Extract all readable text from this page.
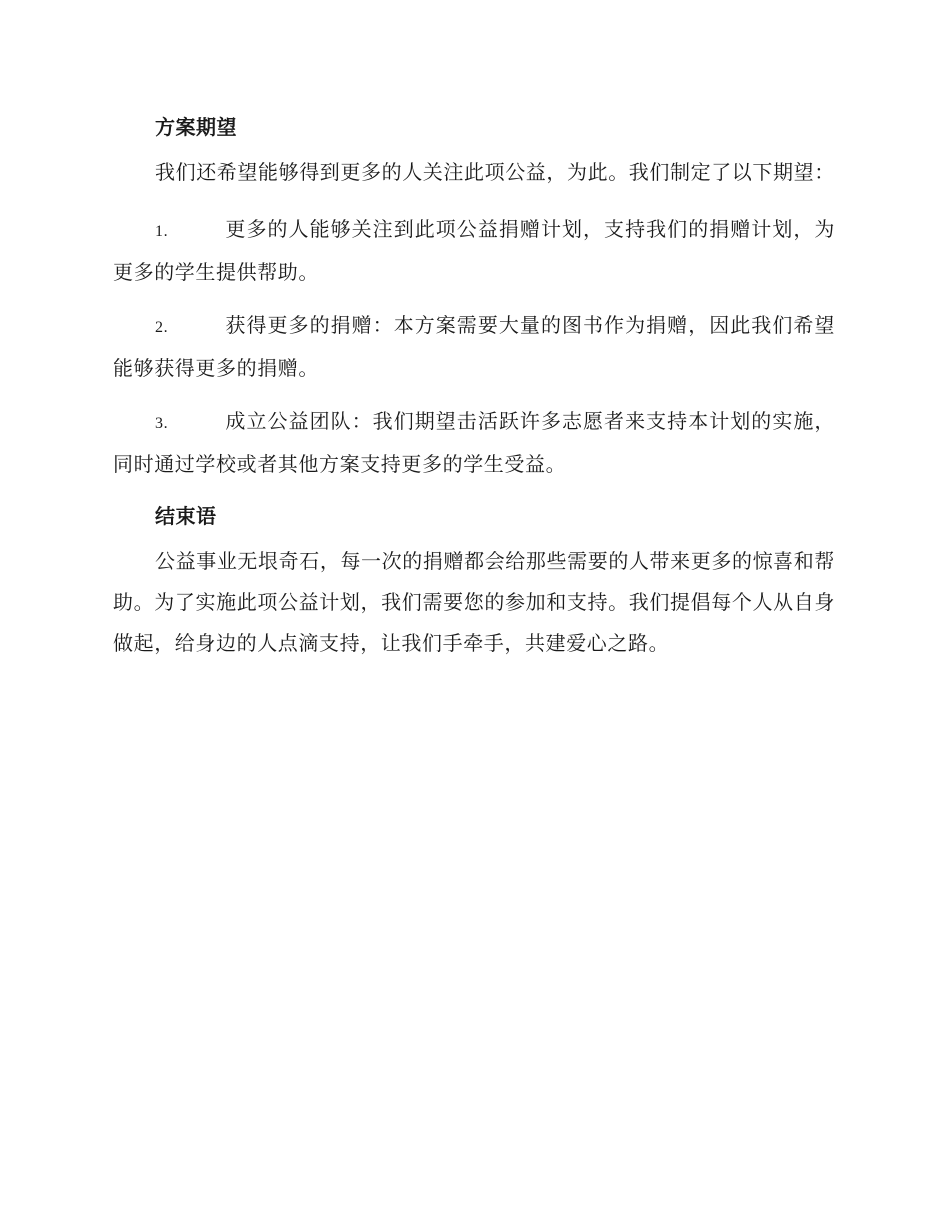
方案期望

我们还希望能够得到更多的人关注此项公益，为此。我们制定了以下期望：

1.	更多的人能够关注到此项公益捐赠计划，支持我们的捐赠计划，为更多的学生提供帮助。

2.	获得更多的捐赠：本方案需要大量的图书作为捐赠，因此我们希望能够获得更多的捐赠。

3.	成立公益团队：我们期望击活跃许多志愿者来支持本计划的实施，同时通过学校或者其他方案支持更多的学生受益。

结束语

公益事业无垠奇石，每一次的捐赠都会给那些需要的人带来更多的惊喜和帮助。为了实施此项公益计划，我们需要您的参加和支持。我们提倡每个人从自身做起，给身边的人点滴支持，让我们手牵手，共建爱心之路。
